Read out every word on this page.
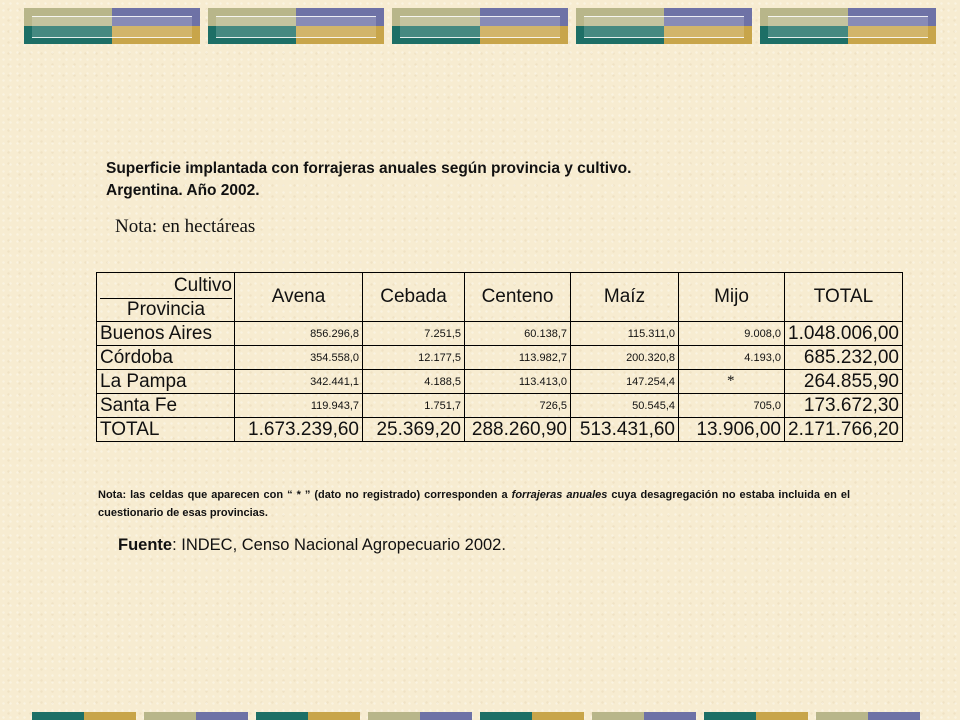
Superficie implantada con forrajeras anuales según provincia y cultivo.
Argentina. Año 2002.
Nota: en hectáreas
Cultivo
Provincia	Avena	Cebada	Centeno	Maíz	Mijo	TOTAL
Buenos Aires	856.296,8	7.251,5	60.138,7	115.311,0	9.008,0	1.048.006,00
Córdoba	354.558,0	12.177,5	113.982,7	200.320,8	4.193,0	685.232,00
La Pampa	342.441,1	4.188,5	113.413,0	147.254,4	*	264.855,90
Santa Fe	119.943,7	1.751,7	726,5	50.545,4	705,0	173.672,30
TOTAL	1.673.239,60	25.369,20	288.260,90	513.431,60	13.906,00	2.171.766,20
Nota: las celdas que aparecen con “ * ” (dato no registrado) corresponden a forrajeras anuales cuya desagregación no estaba incluida en el cuestionario de esas provincias.
Fuente: INDEC, Censo Nacional Agropecuario 2002.
